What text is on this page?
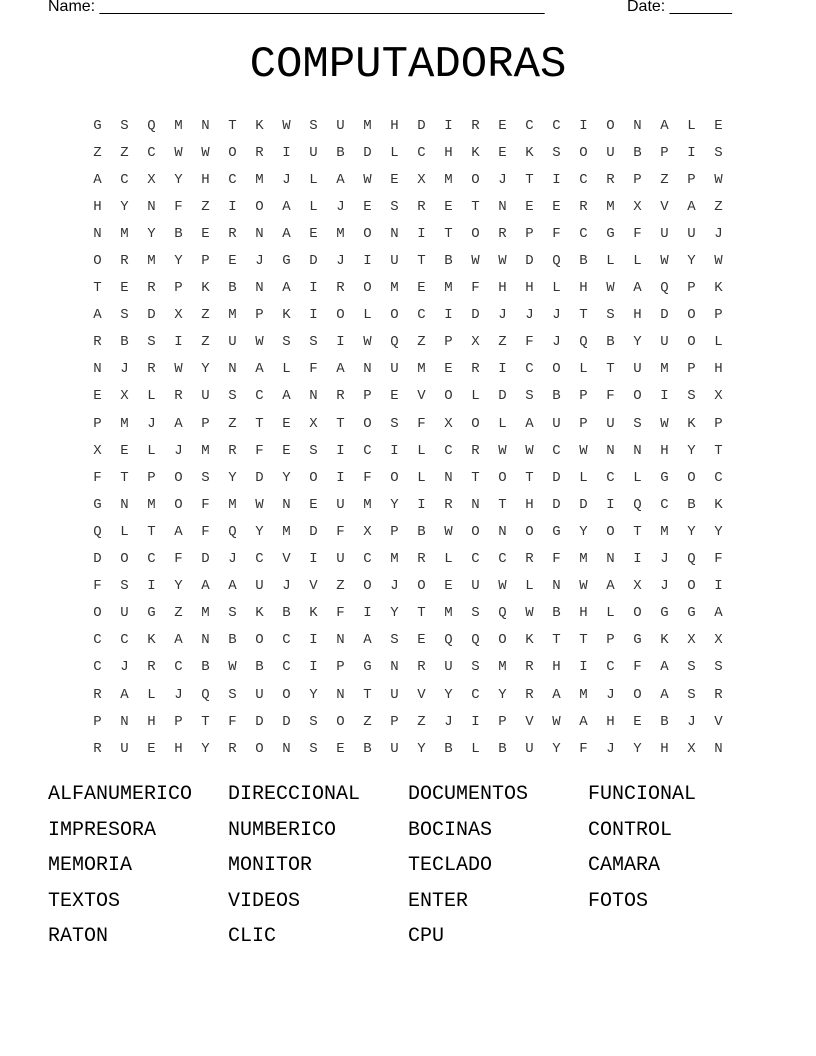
Name: __________________________________________________	Date: _______
COMPUTADORAS
G	S	Q	M	N	T	K	W	S	U	M	H	D	I	R	E	C	C	I	O	N	A	L	E
Z	Z	C	W	W	O	R	I	U	B	D	L	C	H	K	E	K	S	O	U	B	P	I	S
A	C	X	Y	H	C	M	J	L	A	W	E	X	M	O	J	T	I	C	R	P	Z	P	W
H	Y	N	F	Z	I	O	A	L	J	E	S	R	E	T	N	E	E	R	M	X	V	A	Z
N	M	Y	B	E	R	N	A	E	M	O	N	I	T	O	R	P	F	C	G	F	U	U	J
O	R	M	Y	P	E	J	G	D	J	I	U	T	B	W	W	D	Q	B	L	L	W	Y	W
T	E	R	P	K	B	N	A	I	R	O	M	E	M	F	H	H	L	H	W	A	Q	P	K
A	S	D	X	Z	M	P	K	I	O	L	O	C	I	D	J	J	J	T	S	H	D	O	P
R	B	S	I	Z	U	W	S	S	I	W	Q	Z	P	X	Z	F	J	Q	B	Y	U	O	L
N	J	R	W	Y	N	A	L	F	A	N	U	M	E	R	I	C	O	L	T	U	M	P	H
E	X	L	R	U	S	C	A	N	R	P	E	V	O	L	D	S	B	P	F	O	I	S	X
P	M	J	A	P	Z	T	E	X	T	O	S	F	X	O	L	A	U	P	U	S	W	K	P
X	E	L	J	M	R	F	E	S	I	C	I	L	C	R	W	W	C	W	N	N	H	Y	T
F	T	P	O	S	Y	D	Y	O	I	F	O	L	N	T	O	T	D	L	C	L	G	O	C
G	N	M	O	F	M	W	N	E	U	M	Y	I	R	N	T	H	D	D	I	Q	C	B	K
Q	L	T	A	F	Q	Y	M	D	F	X	P	B	W	O	N	O	G	Y	O	T	M	Y	Y
D	O	C	F	D	J	C	V	I	U	C	M	R	L	C	C	R	F	M	N	I	J	Q	F
F	S	I	Y	A	A	U	J	V	Z	O	J	O	E	U	W	L	N	W	A	X	J	O	I
O	U	G	Z	M	S	K	B	K	F	I	Y	T	M	S	Q	W	B	H	L	O	G	G	A
C	C	K	A	N	B	O	C	I	N	A	S	E	Q	Q	O	K	T	T	P	G	K	X	X
C	J	R	C	B	W	B	C	I	P	G	N	R	U	S	M	R	H	I	C	F	A	S	S
R	A	L	J	Q	S	U	O	Y	N	T	U	V	Y	C	Y	R	A	M	J	O	A	S	R
P	N	H	P	T	F	D	D	S	O	Z	P	Z	J	I	P	V	W	A	H	E	B	J	V
R	U	E	H	Y	R	O	N	S	E	B	U	Y	B	L	B	U	Y	F	J	Y	H	X	N
ALFANUMERICO	DIRECCIONAL	DOCUMENTOS	FUNCIONAL
IMPRESORA	NUMBERICO	BOCINAS	CONTROL
MEMORIA	MONITOR	TECLADO	CAMARA
TEXTOS	VIDEOS	ENTER	FOTOS
RATON	CLIC	CPU
